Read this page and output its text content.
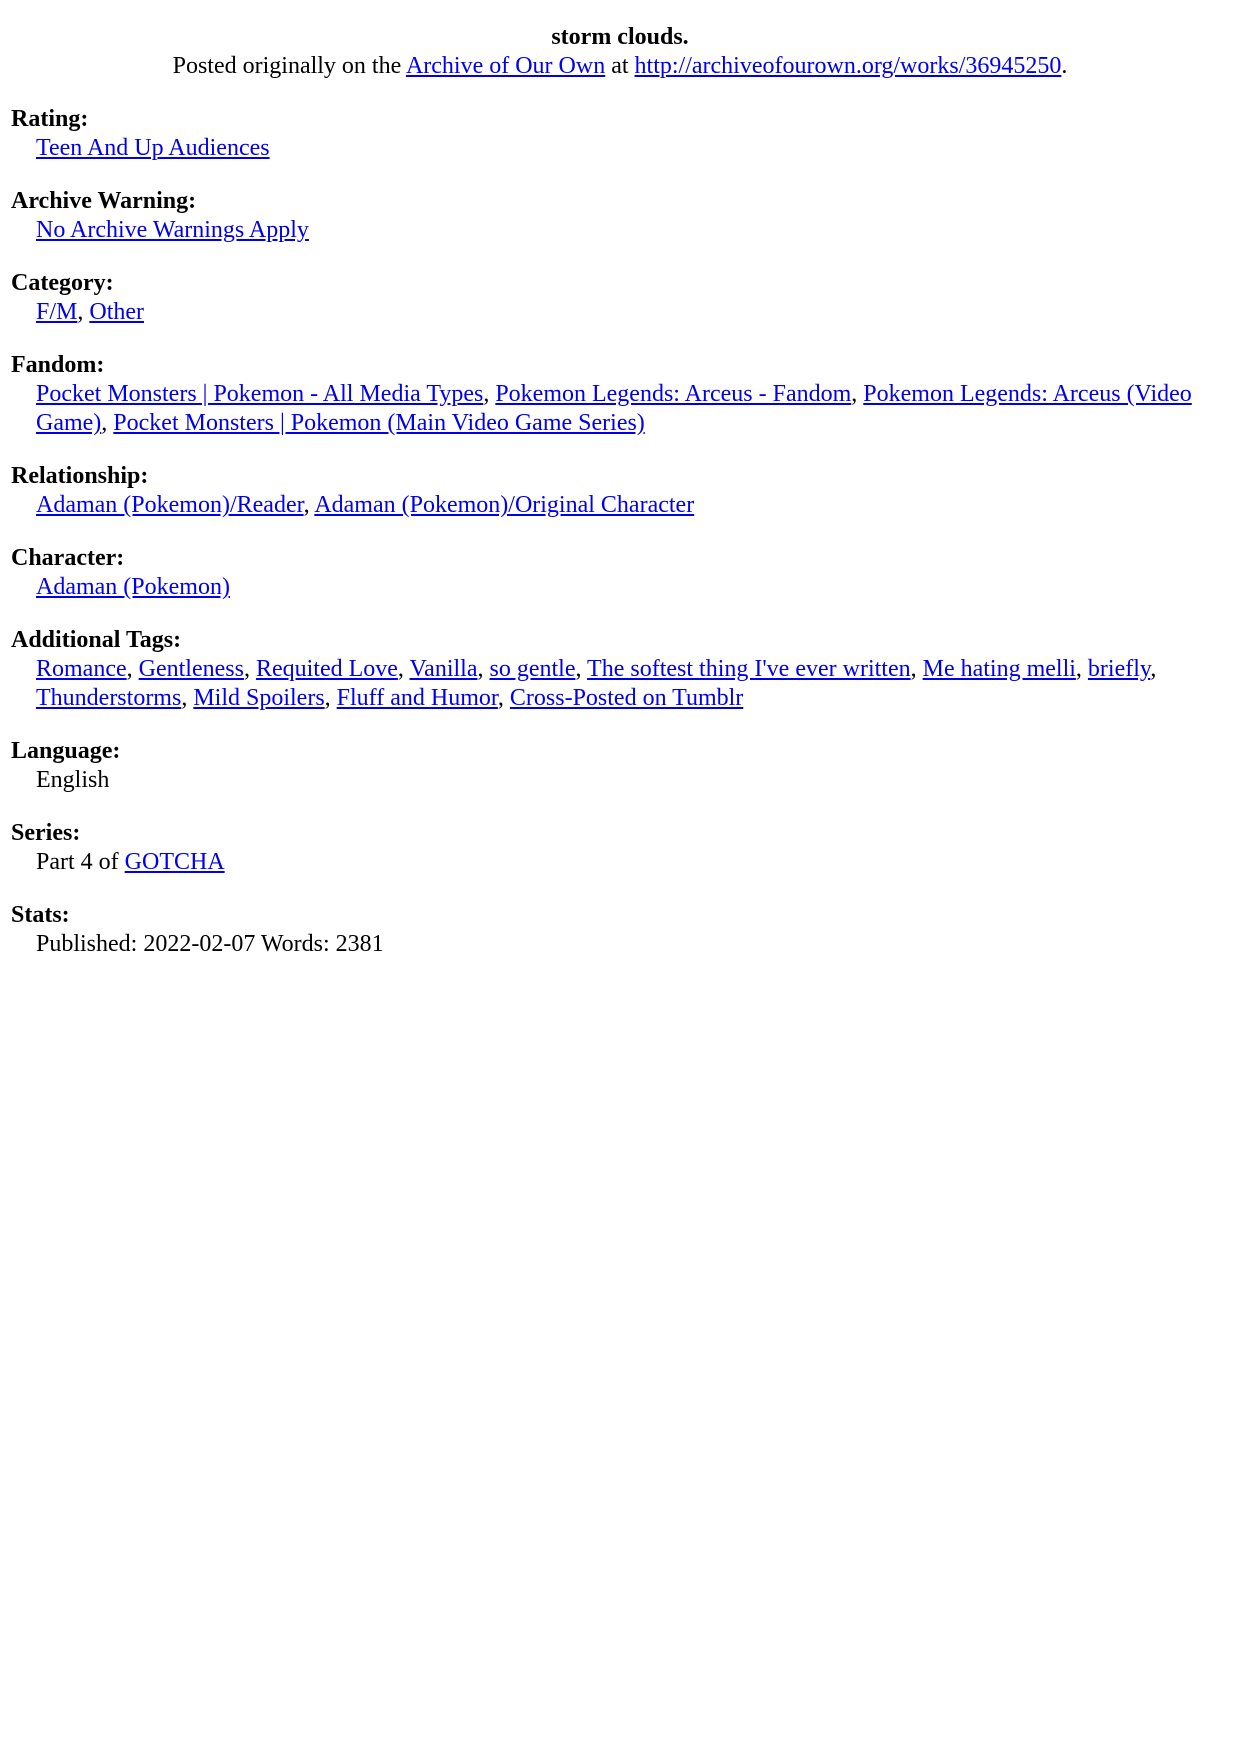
storm clouds.

Posted originally on the Archive of Our Own at http://archiveofourown.org/works/36945250.

Rating:

Teen And Up Audiences

Archive Warning:

No Archive Warnings Apply

Category:

F/M, Other

Fandom:

Pocket Monsters | Pokemon - All Media Types, Pokemon Legends: Arceus - Fandom, Pokemon Legends: Arceus (Video Game), Pocket Monsters | Pokemon (Main Video Game Series)

Relationship:

Adaman (Pokemon)/Reader, Adaman (Pokemon)/Original Character

Character:

Adaman (Pokemon)

Additional Tags:

Romance, Gentleness, Requited Love, Vanilla, so gentle, The softest thing I've ever written, Me hating melli, briefly, Thunderstorms, Mild Spoilers, Fluff and Humor, Cross-Posted on Tumblr

Language:

English

Series:

Part 4 of GOTCHA

Stats:

Published: 2022-02-07 Words: 2381
